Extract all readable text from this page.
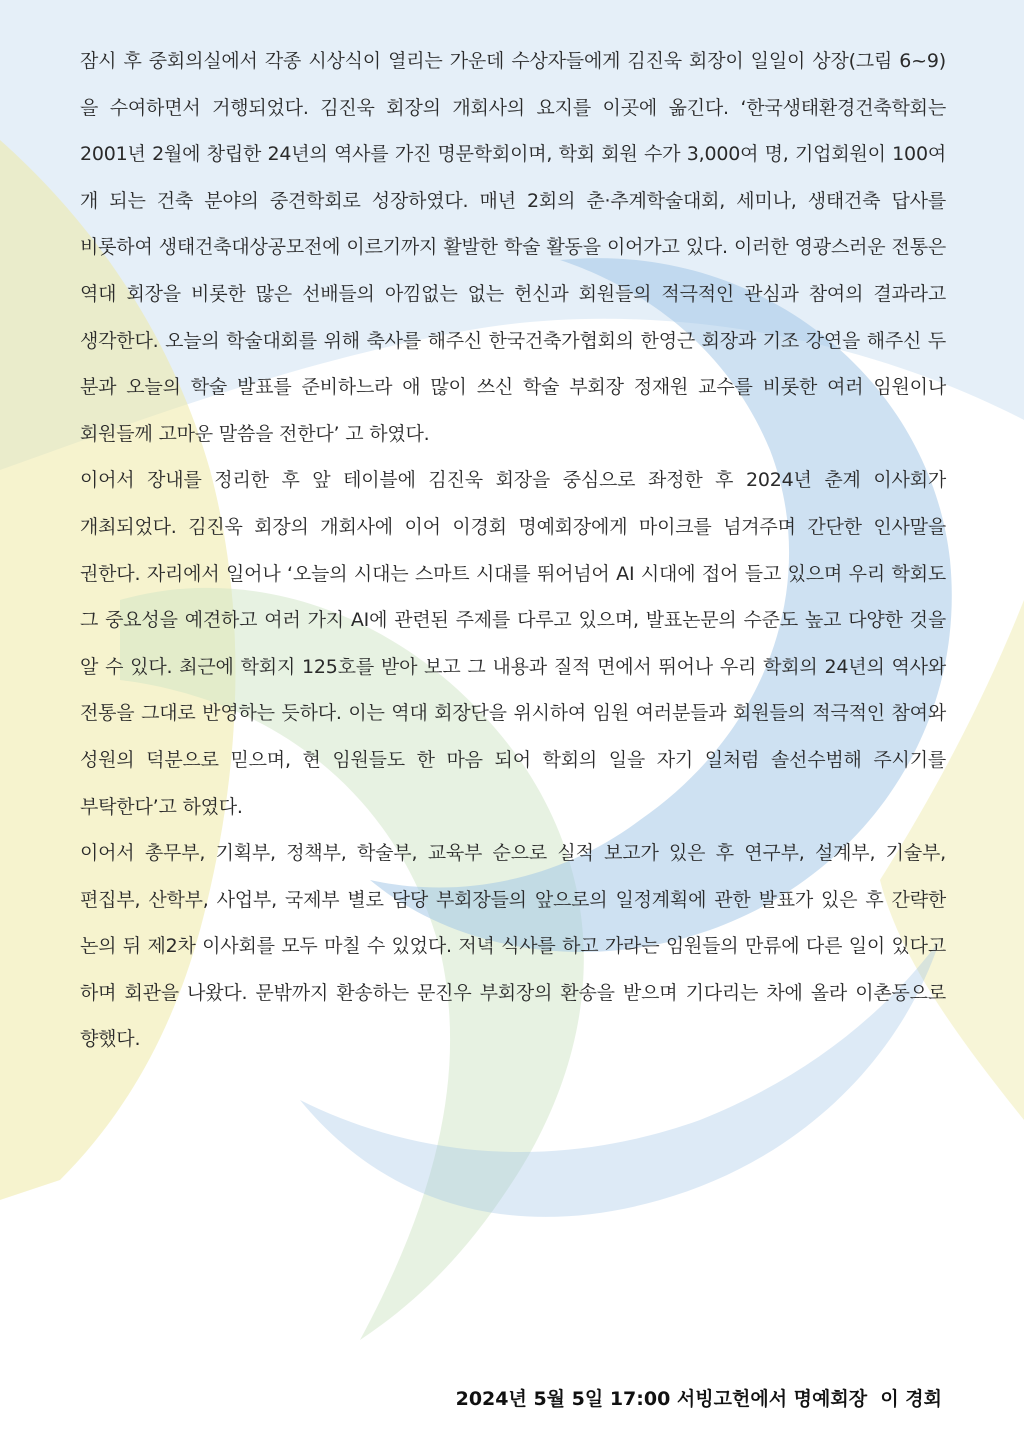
잠시 후 중회의실에서 각종 시상식이 열리는 가운데 수상자들에게 김진욱 회장이 일일이 상장(그림 6~9)을 수여하면서 거행되었다. 김진욱 회장의 개회사의 요지를 이곳에 옮긴다. ‘한국생태환경건축학회는 2001년 2월에 창립한 24년의 역사를 가진 명문학회이며, 학회 회원 수가 3,000여 명, 기업회원이 100여 개 되는 건축 분야의 중견학회로 성장하였다. 매년 2회의 춘·추계학술대회, 세미나, 생태건축 답사를 비롯하여 생태건축대상공모전에 이르기까지 활발한 학술 활동을 이어가고 있다. 이러한 영광스러운 전통은 역대 회장을 비롯한 많은 선배들의 아낌없는 없는 헌신과 회원들의 적극적인 관심과 참여의 결과라고 생각한다. 오늘의 학술대회를 위해 축사를 해주신 한국건축가협회의 한영근 회장과 기조 강연을 해주신 두 분과 오늘의 학술 발표를 준비하느라 애 많이 쓰신 학술 부회장 정재원 교수를 비롯한 여러 임원이나 회원들께 고마운 말씀을 전한다’ 고 하였다.

이어서 장내를 정리한 후 앞 테이블에 김진욱 회장을 중심으로 좌정한 후 2024년 춘계 이사회가 개최되었다. 김진욱 회장의 개회사에 이어 이경회 명예회장에게 마이크를 넘겨주며 간단한 인사말을 권한다. 자리에서 일어나 ‘오늘의 시대는 스마트 시대를 뛰어넘어 AI 시대에 접어 들고 있으며 우리 학회도 그 중요성을 예견하고 여러 가지 AI에 관련된 주제를 다루고 있으며, 발표논문의 수준도 높고 다양한 것을 알 수 있다. 최근에 학회지 125호를 받아 보고 그 내용과 질적 면에서 뛰어나 우리 학회의 24년의 역사와 전통을 그대로 반영하는 듯하다. 이는 역대 회장단을 위시하여 임원 여러분들과 회원들의 적극적인 참여와 성원의 덕분으로 믿으며, 현 임원들도 한 마음 되어 학회의 일을 자기 일처럼 솔선수범해 주시기를 부탁한다’고 하였다.

이어서 총무부, 기획부, 정책부, 학술부, 교육부 순으로 실적 보고가 있은 후 연구부, 설계부, 기술부, 편집부, 산학부, 사업부, 국제부 별로 담당 부회장들의 앞으로의 일정계획에 관한 발표가 있은 후 간략한 논의 뒤 제2차 이사회를 모두 마칠 수 있었다. 저녁 식사를 하고 가라는 임원들의 만류에 다른 일이 있다고 하며 회관을 나왔다. 문밖까지 환송하는 문진우 부회장의 환송을 받으며 기다리는 차에 올라 이촌동으로 향했다.

2024년 5월 5일 17:00 서빙고헌에서 명예회장  이 경회
